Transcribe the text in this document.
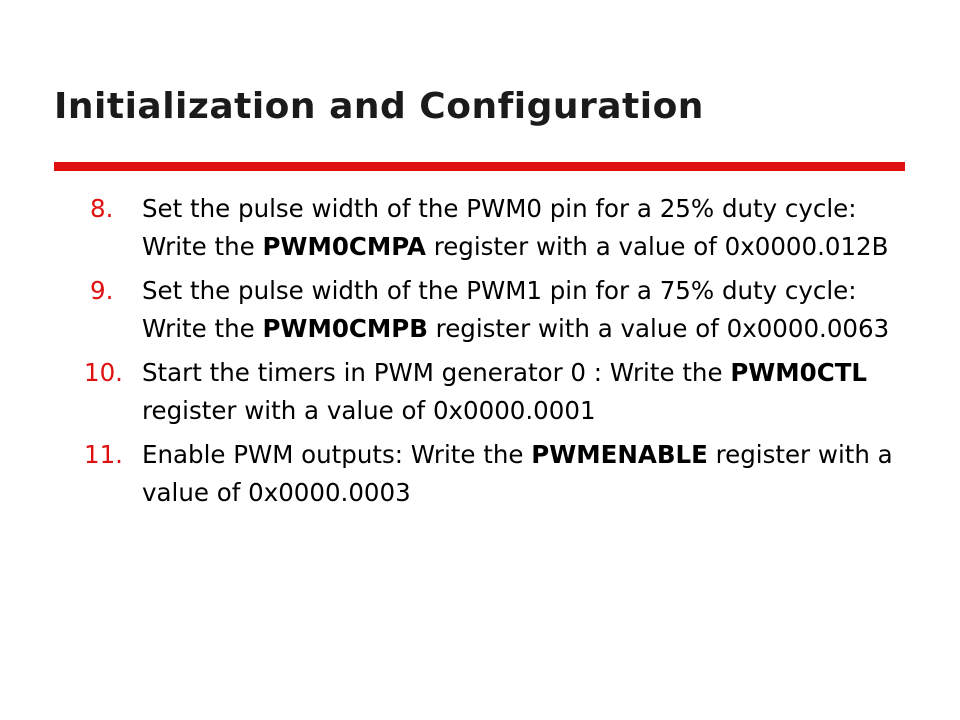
Initialization and Configuration
8. Set the pulse width of the PWM0 pin for a 25% duty cycle: Write the PWM0CMPA register with a value of 0x0000.012B
9. Set the pulse width of the PWM1 pin for a 75% duty cycle: Write the PWM0CMPB register with a value of 0x0000.0063
10. Start the timers in PWM generator 0 : Write the PWM0CTL register with a value of 0x0000.0001
11. Enable PWM outputs: Write the PWMENABLE register with a value of 0x0000.0003
